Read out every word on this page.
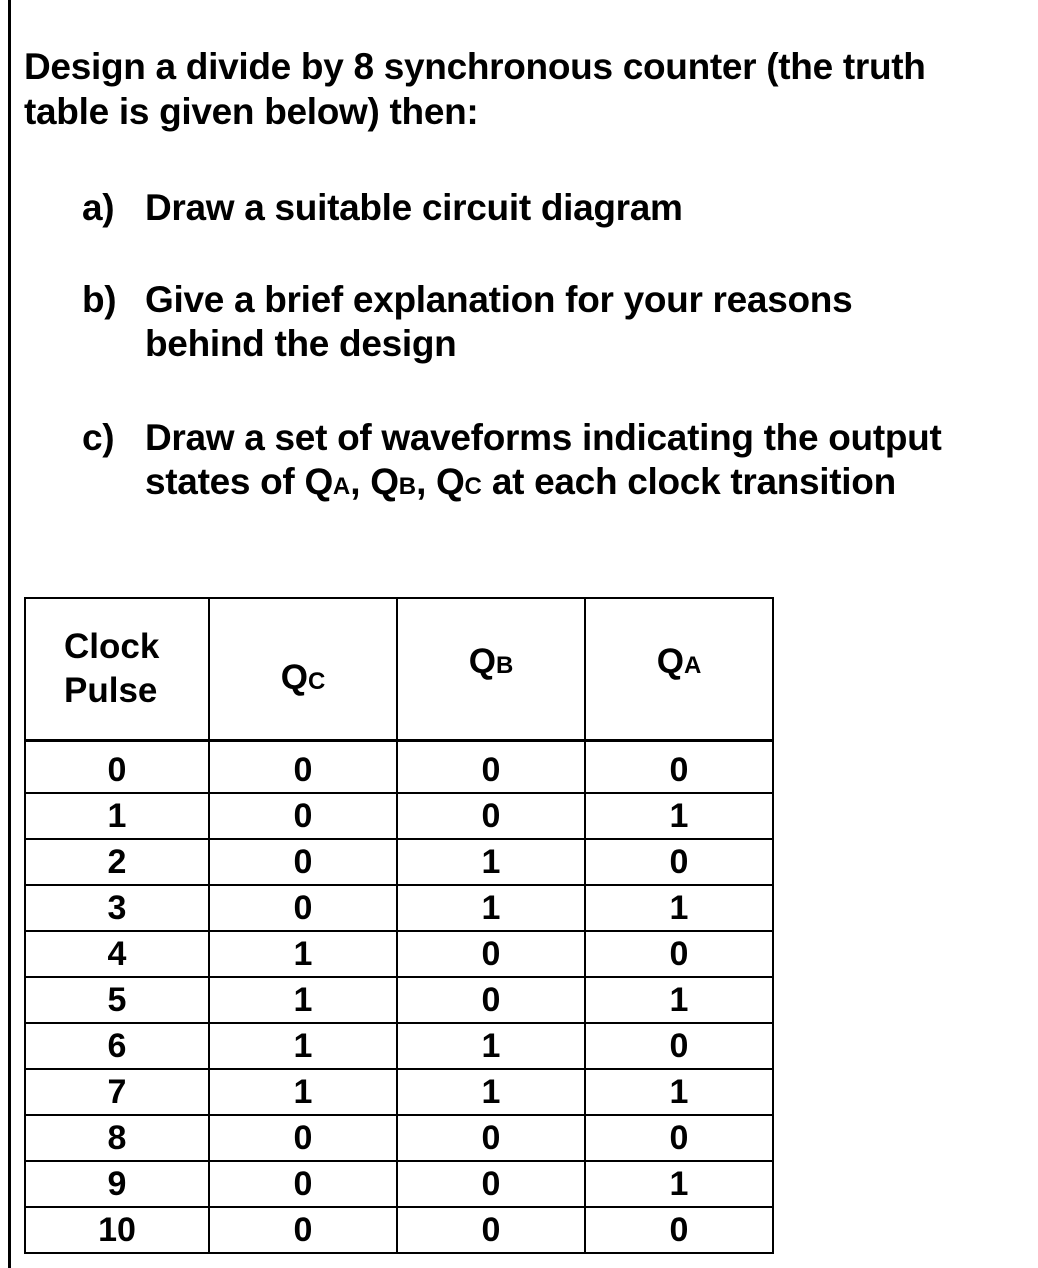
Design a divide by 8 synchronous counter (the truth
table is given below) then:
a) Draw a suitable circuit diagram
b) Give a brief explanation for your reasons
behind the design
c) Draw a set of waveforms indicating the output
states of QA, QB, QC at each clock transition
Clock
Pulse	QC	QB	QA
0	0	0	0
1	0	0	1
2	0	1	0
3	0	1	1
4	1	0	0
5	1	0	1
6	1	1	0
7	1	1	1
8	0	0	0
9	0	0	1
10	0	0	0
